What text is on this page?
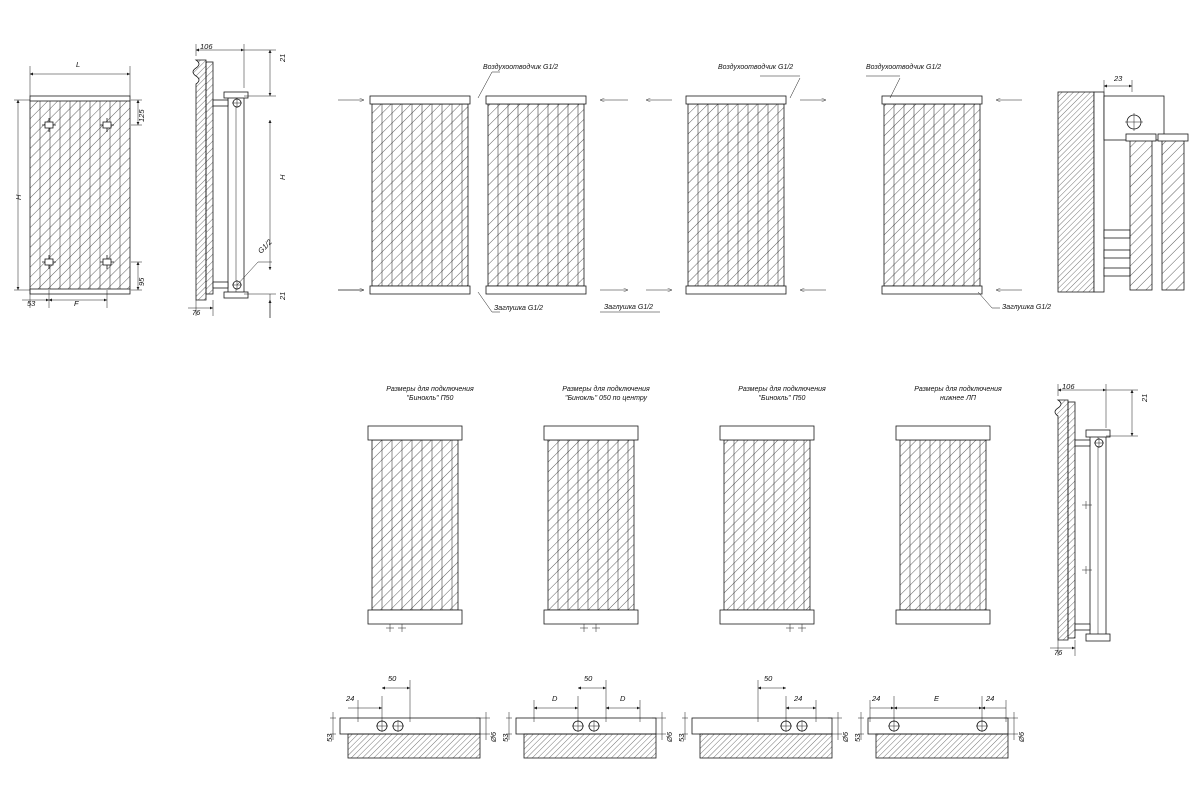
L
H
125
95
53	F
106
21
H
21
76
G1/2
Воздухоотводчик G1/2
Заглушка G1/2	Заглушка G1/2
Воздухоотводчик G1/2	Воздухоотводчик G1/2
Заглушка G1/2
23
Размеры для подключения
"Бинокль" П50
Размеры для подключения
"Бинокль" 050 по центру
Размеры для подключения
"Бинокль" П50
Размеры для подключения
нижнее ЛП
106
21
76
24
50
53	Ø6
D
50
D
53	Ø6
50
24
53	Ø6
24	E	24
53	Ø6
